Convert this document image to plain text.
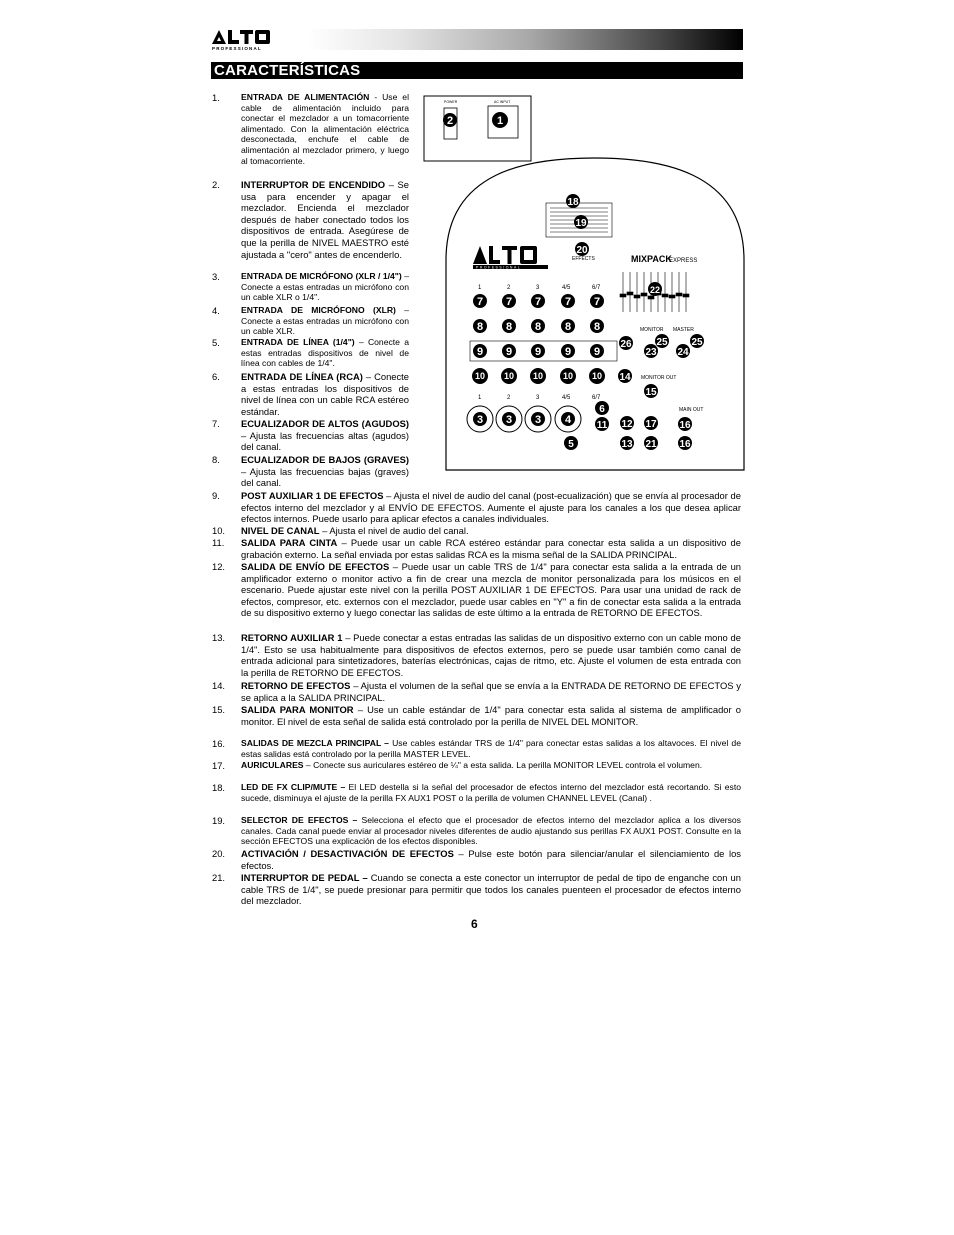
PROFESSIONAL
CARACTERÍSTICAS
1. ENTRADA DE ALIMENTACIÓN - Use el cable de alimentación incluido para conectar el mezclador a un tomacorriente alimentado. Con la alimentación eléctrica desconectada, enchufe el cable de alimentación al mezclador primero, y luego al tomacorriente.
2. INTERRUPTOR DE ENCENDIDO – Se usa para encender y apagar el mezclador. Encienda el mezclador después de haber conectado todos los dispositivos de entrada. Asegúrese de que la perilla de NIVEL MAESTRO esté ajustada a "cero" antes de encenderlo.
3. ENTRADA DE MICRÓFONO (XLR / 1/4") – Conecte a estas entradas un micrófono con un cable XLR o 1/4".
4. ENTRADA DE MICRÓFONO (XLR) – Conecte a estas entradas un micrófono con un cable XLR.
5. ENTRADA DE LÍNEA (1/4") – Conecte a estas entradas dispositivos de nivel de línea con cables de 1/4".
6. ENTRADA DE LÍNEA (RCA) – Conecte a estas entradas los dispositivos de nivel de línea con un cable RCA estéreo estándar.
7. ECUALIZADOR DE ALTOS (AGUDOS) – Ajusta las frecuencias altas (agudos) del canal.
8. ECUALIZADOR DE BAJOS (GRAVES) – Ajusta las frecuencias bajas (graves) del canal.
9. POST AUXILIAR 1 DE EFECTOS – Ajusta el nivel de audio del canal (post-ecualización) que se envía al procesador de efectos interno del mezclador y al ENVÍO DE EFECTOS. Aumente el ajuste para los canales a los que desea aplicar efectos internos. Puede usarlo para aplicar efectos a canales individuales.
10. NIVEL DE CANAL – Ajusta el nivel de audio del canal.
11. SALIDA PARA CINTA – Puede usar un cable RCA estéreo estándar para conectar esta salida a un dispositivo de grabación externo. La señal enviada por estas salidas RCA es la misma señal de la SALIDA PRINCIPAL.
12. SALIDA DE ENVÍO DE EFECTOS – Puede usar un cable TRS de 1/4" para conectar esta salida a la entrada de un amplificador externo o monitor activo a fin de crear una mezcla de monitor personalizada para los músicos en el escenario. Puede ajustar este nivel con la perilla POST AUXILIAR 1 DE EFECTOS. Para usar una unidad de rack de efectos, compresor, etc. externos con el mezclador, puede usar cables en "Y" a fin de conectar esta salida a la entrada de su dispositivo externo y luego conectar las salidas de este último a la entrada de RETORNO DE EFECTOS.
13. RETORNO AUXILIAR 1 – Puede conectar a estas entradas las salidas de un dispositivo externo con un cable mono de 1/4". Esto se usa habitualmente para dispositivos de efectos externos, pero se puede usar también como canal de entrada adicional para sintetizadores, baterías electrónicas, cajas de ritmo, etc. Ajuste el volumen de esta entrada con la perilla de RETORNO DE EFECTOS.
14. RETORNO DE EFECTOS – Ajusta el volumen de la señal que se envía a la ENTRADA DE RETORNO DE EFECTOS y se aplica a la SALIDA PRINCIPAL.
15. SALIDA PARA MONITOR – Use un cable estándar de 1/4" para conectar esta salida al sistema de amplificador o monitor. El nivel de esta señal de salida está controlado por la perilla de NIVEL DEL MONITOR.
16. SALIDAS DE MEZCLA PRINCIPAL – Use cables estándar TRS de 1/4" para conectar estas salidas a los altavoces. El nivel de estas salidas está controlado por la perilla MASTER LEVEL.
17. AURICULARES – Conecte sus auriculares estéreo de ¼" a esta salida. La perilla MONITOR LEVEL controla el volumen.
18. LED DE FX CLIP/MUTE – El LED destella si la señal del procesador de efectos interno del mezclador está recortando. Si esto sucede, disminuya el ajuste de la perilla FX AUX1 POST o la perilla de volumen CHANNEL LEVEL (Canal) .
19. SELECTOR DE EFECTOS – Selecciona el efecto que el procesador de efectos interno del mezclador aplica a los diversos canales. Cada canal puede enviar al procesador niveles diferentes de audio ajustando sus perillas FX AUX1 POST. Consulte en la sección EFECTOS una explicación de los efectos disponibles.
20. ACTIVACIÓN / DESACTIVACIÓN DE EFECTOS – Pulse este botón para silenciar/anular el silenciamiento de los efectos.
21. INTERRUPTOR DE PEDAL – Cuando se conecta a este conector un interruptor de pedal de tipo de enganche con un cable TRS de 1/4", se puede presionar para permitir que todos los canales puenteen el procesador de efectos interno del mezclador.
6
POWER	AC INPUT
2	1
18
19
20
EFFECTS
PROFESSIONAL
MIXPACK
EXPRESS
22
1	2	3	4/5	6/7
7 7 7 7 7
8 8 8 8 8
9 9 9 9 9
10 10 10 10 10
1	2	3	4/5	6/7
3 3 3 4
5
6
11 12
13
14
15
16
16
17
21
23 24
25 25
26
MONITOR MASTER
MONITOR OUT
MAIN OUT
